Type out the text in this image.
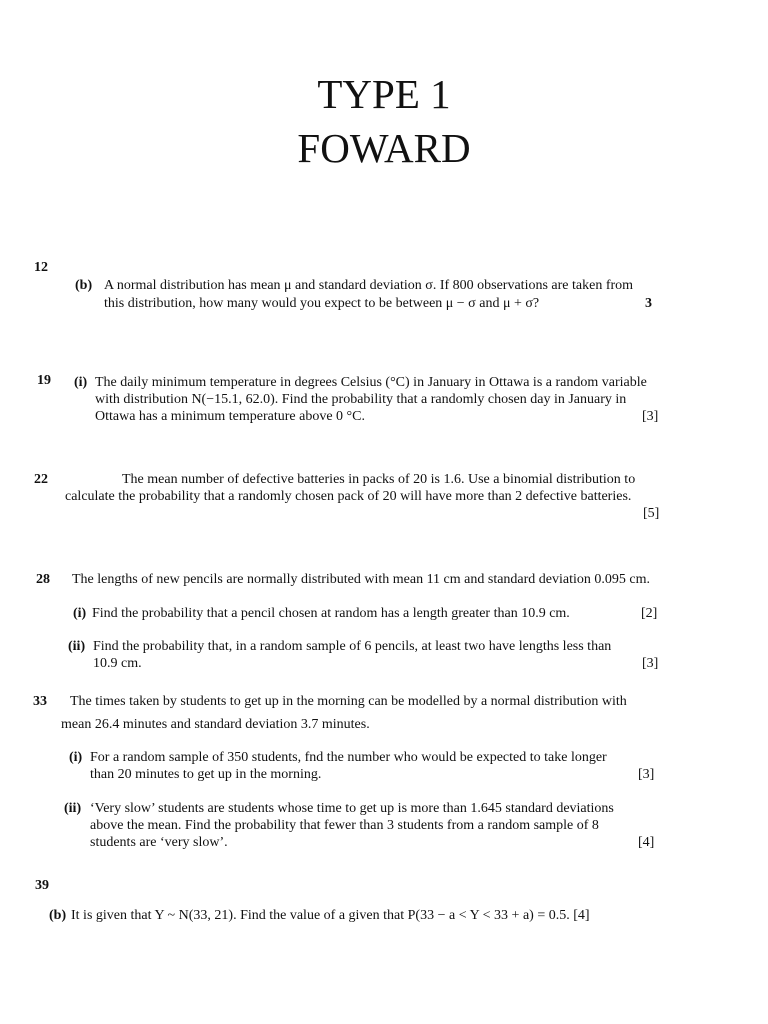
TYPE 1
FOWARD
12
(b) A normal distribution has mean μ and standard deviation σ. If 800 observations are taken from
this distribution, how many would you expect to be between μ − σ and μ + σ?	3
19 (i) The daily minimum temperature in degrees Celsius (°C) in January in Ottawa is a random variable
with distribution N(−15.1, 62.0). Find the probability that a randomly chosen day in January in
Ottawa has a minimum temperature above 0 °C.	[3]
22	The mean number of defective batteries in packs of 20 is 1.6. Use a binomial distribution to
calculate the probability that a randomly chosen pack of 20 will have more than 2 defective batteries.
[5]
28 The lengths of new pencils are normally distributed with mean 11 cm and standard deviation 0.095 cm.
(i) Find the probability that a pencil chosen at random has a length greater than 10.9 cm.	[2]
(ii) Find the probability that, in a random sample of 6 pencils, at least two have lengths less than
10.9 cm.	[3]
33 The times taken by students to get up in the morning can be modelled by a normal distribution with
mean 26.4 minutes and standard deviation 3.7 minutes.
(i) For a random sample of 350 students, fnd the number who would be expected to take longer
than 20 minutes to get up in the morning.	[3]
(ii) ‘Very slow’ students are students whose time to get up is more than 1.645 standard deviations
above the mean. Find the probability that fewer than 3 students from a random sample of 8
students are ‘very slow’.	[4]
39
(b) It is given that Y ~ N(33, 21). Find the value of a given that P(33 − a < Y < 33 + a) = 0.5. [4]
